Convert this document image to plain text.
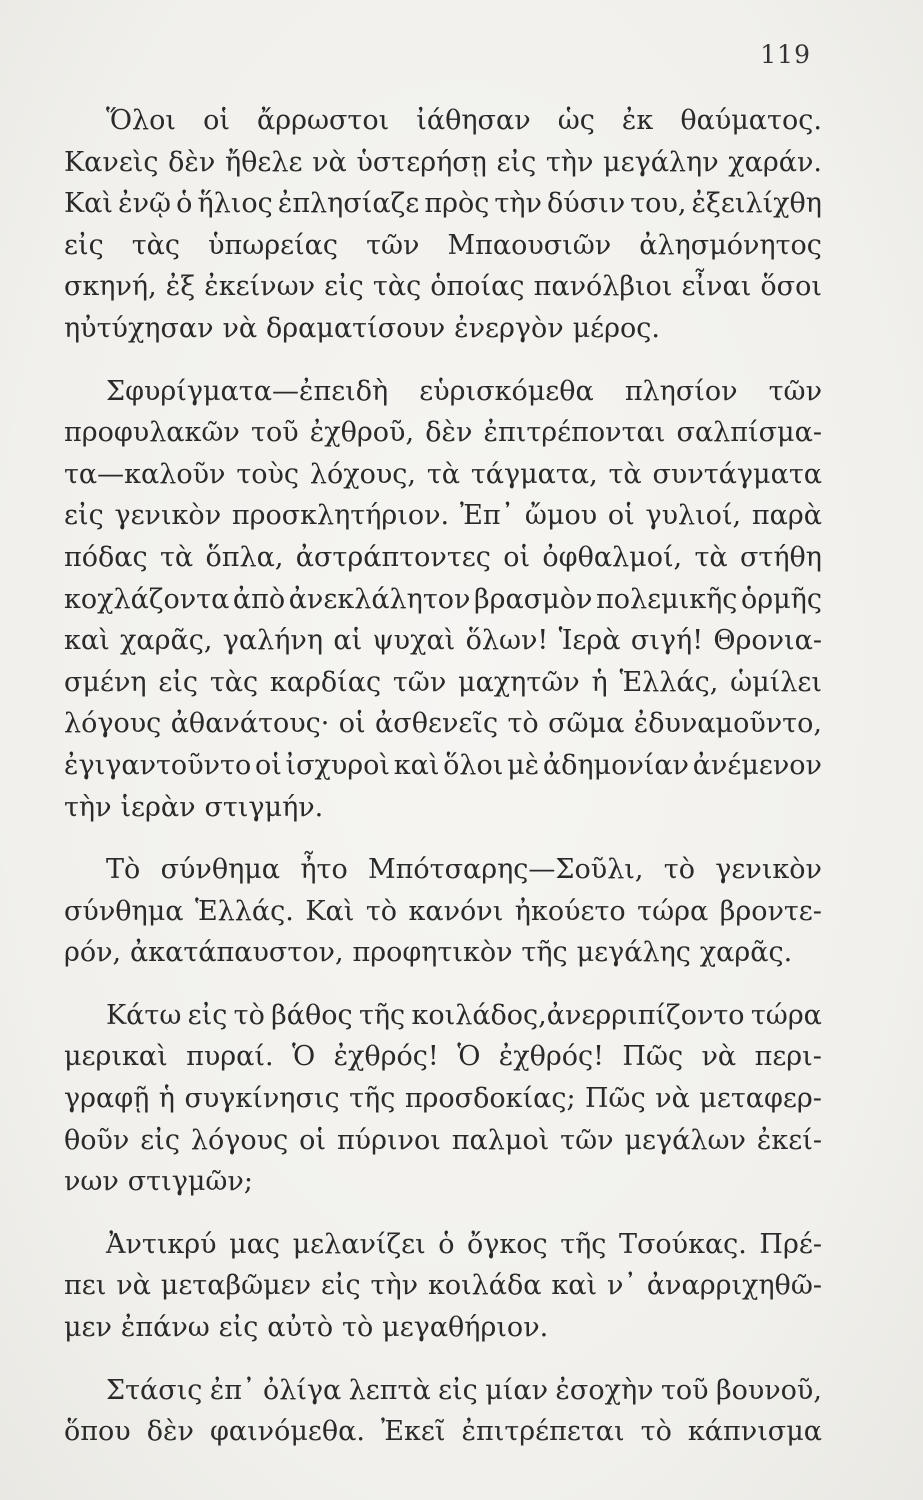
119
Ὅλοι οἱ ἄρρωστοι ἰάθησαν ὡς ἐκ θαύματος.
Κανεὶς δὲν ἤθελε νὰ ὑστερήσῃ εἰς τὴν μεγάλην χαράν.
Καὶ ἐνῷ ὁ ἥλιος ἐπλησίαζε πρὸς τὴν δύσιν του, ἐξειλίχθη
εἰς τὰς ὑπωρείας τῶν Μπαουσιῶν ἀλησμόνητος
σκηνή, ἐξ ἐκείνων εἰς τὰς ὁποίας πανόλβιοι εἶναι ὅσοι
ηὐτύχησαν νὰ δραματίσουν ἐνεργὸν μέρος.
Σφυρίγματα—ἐπειδὴ εὑρισκόμεθα πλησίον τῶν
προφυλακῶν τοῦ ἐχθροῦ, δὲν ἐπιτρέπονται σαλπίσμα-
τα—καλοῦν τοὺς λόχους, τὰ τάγματα, τὰ συντάγματα
εἰς γενικὸν προσκλητήριον. Ἐπ᾿ ὤμου οἱ γυλιοί, παρὰ
πόδας τὰ ὅπλα, ἀστράπτοντες οἱ ὀφθαλμοί, τὰ στήθη
κοχλάζοντα ἀπὸ ἀνεκλάλητον βρασμὸν πολεμικῆς ὁρμῆς
καὶ χαρᾶς, γαλήνη αἱ ψυχαὶ ὅλων! Ἱερὰ σιγή! Θρονια-
σμένη εἰς τὰς καρδίας τῶν μαχητῶν ἡ Ἑλλάς, ὡμίλει
λόγους ἀθανάτους· οἱ ἀσθενεῖς τὸ σῶμα ἐδυναμοῦντο,
ἐγιγαντοῦντο οἱ ἰσχυροὶ καὶ ὅλοι μὲ ἀδημονίαν ἀνέμενον
τὴν ἱερὰν στιγμήν.
Τὸ σύνθημα ἦτο Μπότσαρης—Σοῦλι, τὸ γενικὸν
σύνθημα Ἑλλάς. Καὶ τὸ κανόνι ἠκούετο τώρα βροντε-
ρόν, ἀκατάπαυστον, προφητικὸν τῆς μεγάλης χαρᾶς.
Κάτω εἰς τὸ βάθος τῆς κοιλάδος,ἀνερριπίζοντο τώρα
μερικαὶ πυραί. Ὁ ἐχθρός! Ὁ ἐχθρός! Πῶς νὰ περι-
γραφῇ ἡ συγκίνησις τῆς προσδοκίας; Πῶς νὰ μεταφερ-
θοῦν εἰς λόγους οἱ πύρινοι παλμοὶ τῶν μεγάλων ἐκεί-
νων στιγμῶν;
Ἀντικρύ μας μελανίζει ὁ ὄγκος τῆς Τσούκας. Πρέ-
πει νὰ μεταβῶμεν εἰς τὴν κοιλάδα καὶ ν᾿ ἀναρριχηθῶ-
μεν ἐπάνω εἰς αὐτὸ τὸ μεγαθήριον.
Στάσις ἐπ᾿ ὀλίγα λεπτὰ εἰς μίαν ἐσοχὴν τοῦ βουνοῦ,
ὅπου δὲν φαινόμεθα. Ἐκεῖ ἐπιτρέπεται τὸ κάπνισμα
